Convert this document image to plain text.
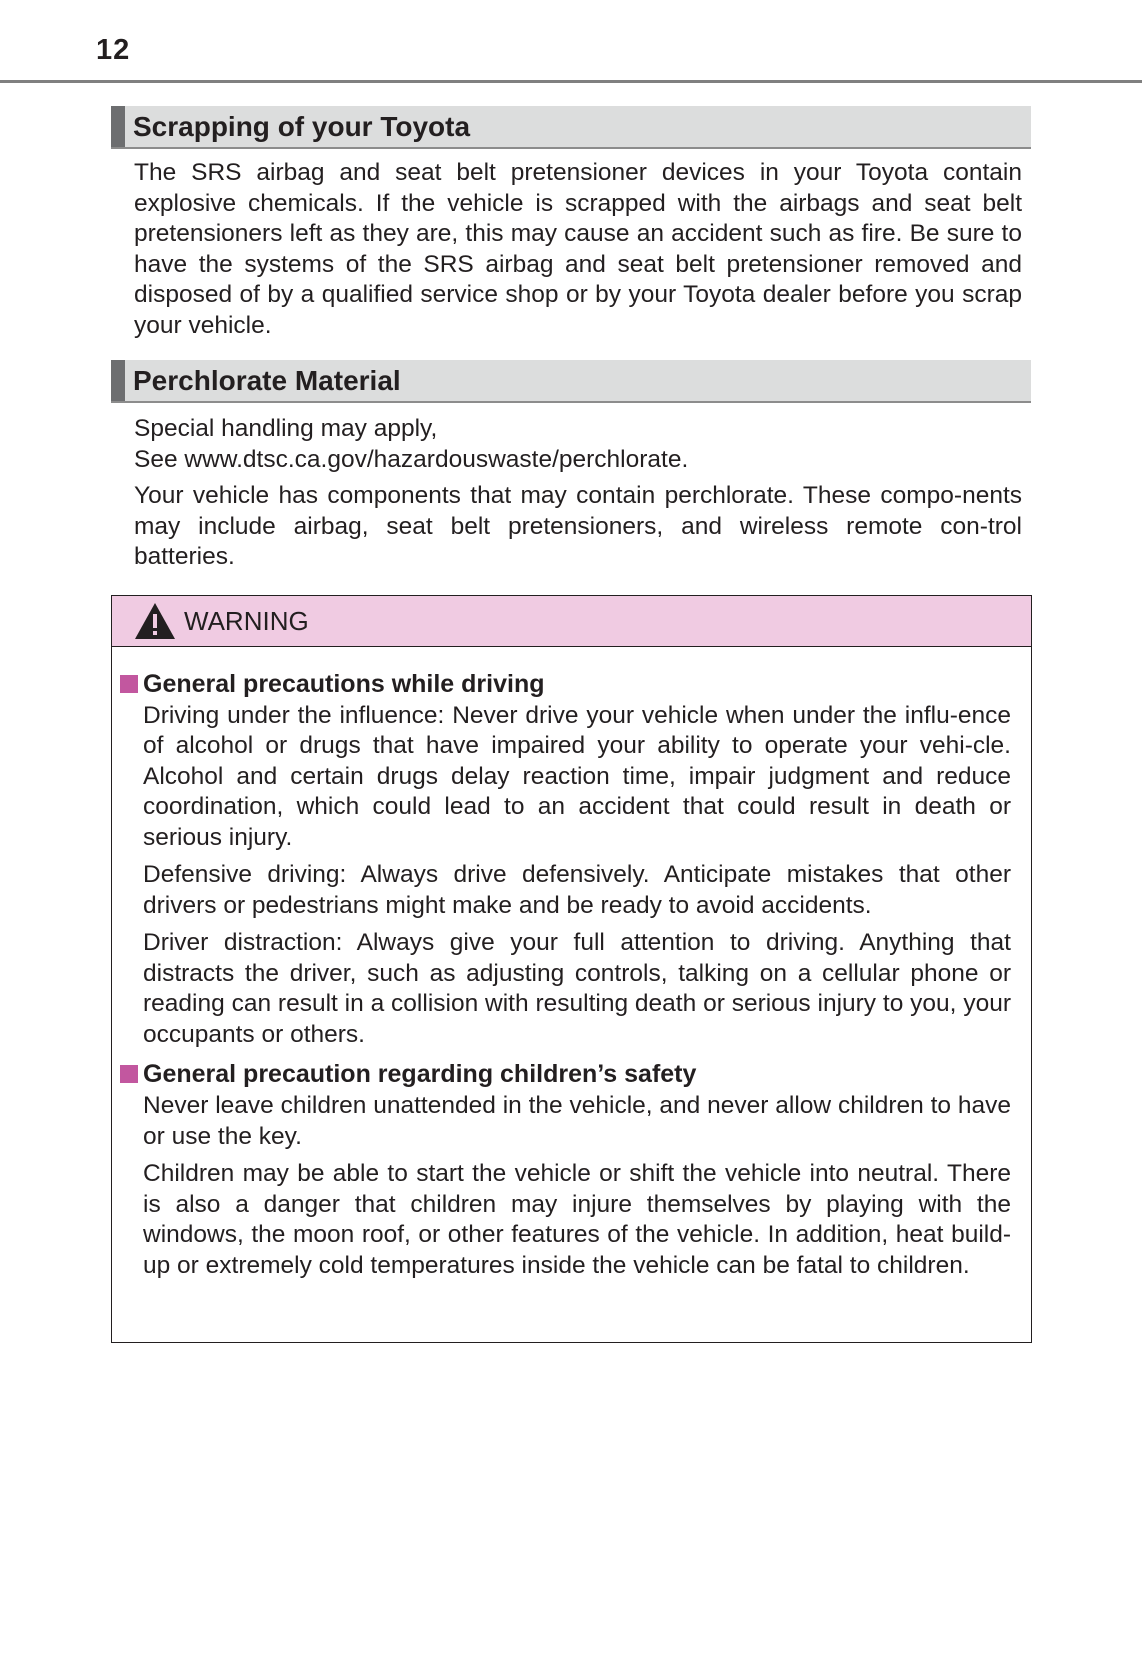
12
Scrapping of your Toyota

The SRS airbag and seat belt pretensioner devices in your Toyota contain explosive chemicals. If the vehicle is scrapped with the airbags and seat belt pretensioners left as they are, this may cause an accident such as fire. Be sure to have the systems of the SRS airbag and seat belt pretensioner removed and disposed of by a qualified service shop or by your Toyota dealer before you scrap your vehicle.

Perchlorate Material

Special handling may apply,

See www.dtsc.ca.gov/hazardouswaste/perchlorate.

Your vehicle has components that may contain perchlorate. These compo-nents may include airbag, seat belt pretensioners, and wireless remote con-trol batteries.

WARNING
General precautions while driving

Driving under the influence: Never drive your vehicle when under the influ-ence of alcohol or drugs that have impaired your ability to operate your vehi-cle. Alcohol and certain drugs delay reaction time, impair judgment and reduce coordination, which could lead to an accident that could result in death or serious injury.

Defensive driving: Always drive defensively. Anticipate mistakes that other drivers or pedestrians might make and be ready to avoid accidents.

Driver distraction: Always give your full attention to driving. Anything that distracts the driver, such as adjusting controls, talking on a cellular phone or reading can result in a collision with resulting death or serious injury to you, your occupants or others.

General precaution regarding children’s safety

Never leave children unattended in the vehicle, and never allow children to have or use the key.

Children may be able to start the vehicle or shift the vehicle into neutral. There is also a danger that children may injure themselves by playing with the windows, the moon roof, or other features of the vehicle. In addition, heat build-up or extremely cold temperatures inside the vehicle can be fatal to children.
